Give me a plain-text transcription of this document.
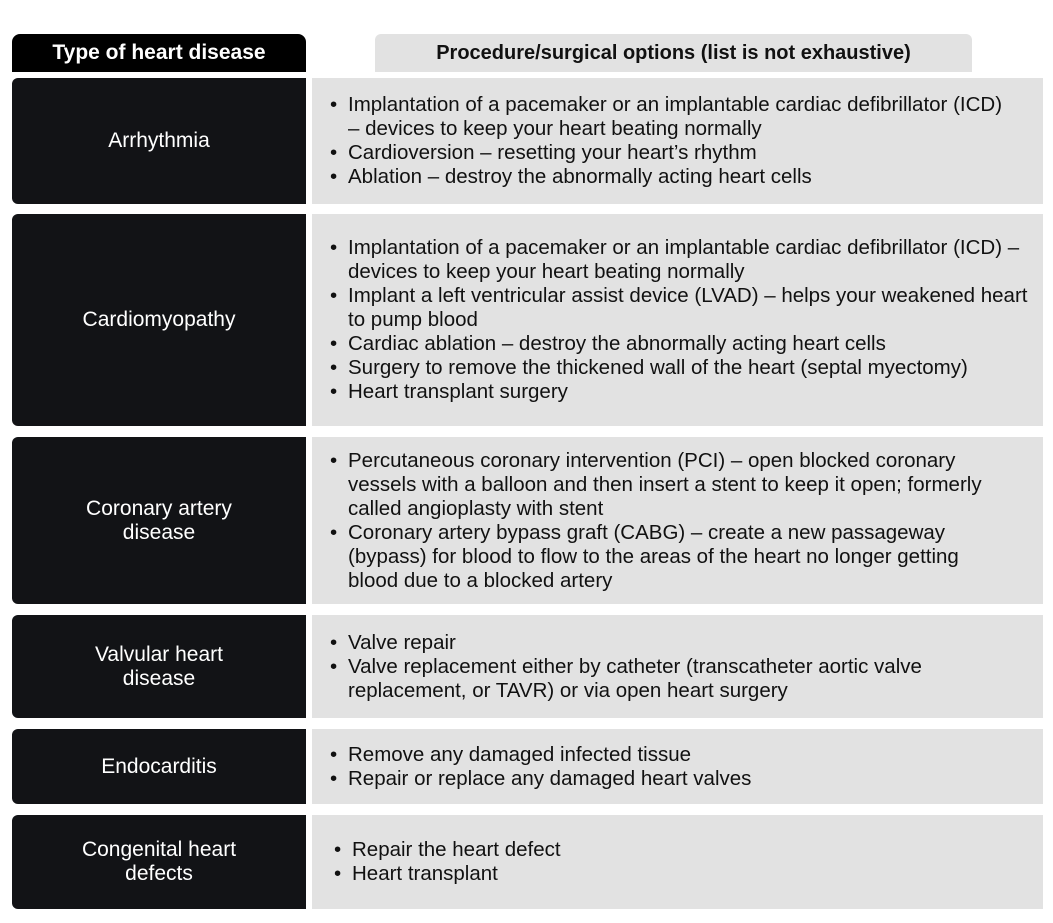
Type of heart disease	Procedure/surgical options (list is not exhaustive)
Arrhythmia
• Implantation of a pacemaker or an implantable cardiac defibrillator (ICD) – devices to keep your heart beating normally
• Cardioversion – resetting your heart’s rhythm
• Ablation – destroy the abnormally acting heart cells
Cardiomyopathy
• Implantation of a pacemaker or an implantable cardiac defibrillator (ICD) – devices to keep your heart beating normally
• Implant a left ventricular assist device (LVAD) – helps your weakened heart to pump blood
• Cardiac ablation – destroy the abnormally acting heart cells
• Surgery to remove the thickened wall of the heart (septal myectomy)
• Heart transplant surgery
Coronary artery disease
• Percutaneous coronary intervention (PCI) – open blocked coronary vessels with a balloon and then insert a stent to keep it open; formerly called angioplasty with stent
• Coronary artery bypass graft (CABG) – create a new passageway (bypass) for blood to flow to the areas of the heart no longer getting blood due to a blocked artery
Valvular heart disease
• Valve repair
• Valve replacement either by catheter (transcatheter aortic valve replacement, or TAVR) or via open heart surgery
Endocarditis
• Remove any damaged infected tissue
• Repair or replace any damaged heart valves
Congenital heart defects
• Repair the heart defect
• Heart transplant
